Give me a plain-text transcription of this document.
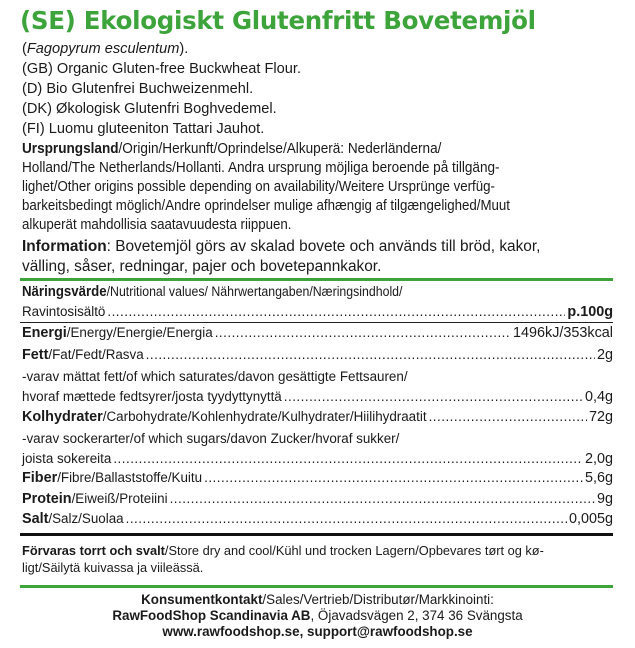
(SE) Ekologiskt Glutenfritt Bovetemjöl
(Fagopyrum esculentum).
(GB) Organic Gluten-free Buckwheat Flour.
(D) Bio Glutenfrei Buchweizenmehl.
(DK) Økologisk Glutenfri Boghvedemel.
(FI) Luomu gluteeniton Tattari Jauhot.
Ursprungsland/Origin/Herkunft/Oprindelse/Alkuperä: Nederländerna/
Holland/The Netherlands/Hollanti. Andra ursprung möjliga beroende på tillgäng-
lighet/Other origins possible depending on availability/Weitere Ursprünge verfüg-
barkeitsbedingt möglich/Andre oprindelser mulige afhængig af tilgængelighed/Muut
alkuperät mahdollisia saatavuudesta riippuen.
Information: Bovetemjöl görs av skalad bovete och används till bröd, kakor,
välling, såser, redningar, pajer och bovetepannkakor.
Näringsvärde/Nutritional values/ Nährwertangaben/Næringsindhold/
Ravintosisältö .....	p.100g
Energi/Energy/Energie/Energia .....	1496kJ/353kcal
Fett/Fat/Fedt/Rasva .....	2g
-varav mättat fett/of which saturates/davon gesättigte Fettsauren/
hvoraf mættede fedtsyrer/josta tyydyttynyttä .....	0,4g
Kolhydrater/Carbohydrate/Kohlenhydrate/Kulhydrater/Hiilihydraatit .....	72g
-varav sockerarter/of which sugars/davon Zucker/hvoraf sukker/
joista sokereita .....	2,0g
Fiber/Fibre/Ballaststoffe/Kuitu .....	5,6g
Protein/Eiweiß/Proteiini .....	9g
Salt/Salz/Suolaa .....	0,005g
Förvaras torrt och svalt/Store dry and cool/Kühl und trocken Lagern/Opbevares tørt og kø-
ligt/Säilytä kuivassa ja viileässä.
Konsumentkontakt/Sales/Vertrieb/Distributør/Markkinointi:
RawFoodShop Scandinavia AB, Öjavadsvägen 2, 374 36 Svängsta
www.rawfoodshop.se, support@rawfoodshop.se
